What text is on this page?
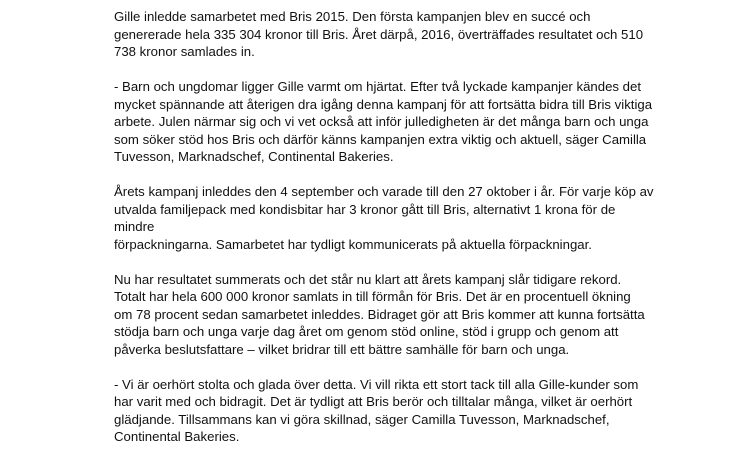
Gille inledde samarbetet med Bris 2015. Den första kampanjen blev en succé och
genererade hela 335 304 kronor till Bris. Året därpå, 2016, överträffades resultatet och 510
738 kronor samlades in.

- Barn och ungdomar ligger Gille varmt om hjärtat. Efter två lyckade kampanjer kändes det
mycket spännande att återigen dra igång denna kampanj för att fortsätta bidra till Bris viktiga
arbete. Julen närmar sig och vi vet också att inför julledigheten är det många barn och unga
som söker stöd hos Bris och därför känns kampanjen extra viktig och aktuell, säger Camilla
Tuvesson, Marknadschef, Continental Bakeries.

Årets kampanj inleddes den 4 september och varade till den 27 oktober i år. För varje köp av
utvalda familjepack med kondisbitar har 3 kronor gått till Bris, alternativt 1 krona för de mindre
förpackningarna. Samarbetet har tydligt kommunicerats på aktuella förpackningar.

Nu har resultatet summerats och det står nu klart att årets kampanj slår tidigare rekord.
Totalt har hela 600 000 kronor samlats in till förmån för Bris. Det är en procentuell ökning
om 78 procent sedan samarbetet inleddes. Bidraget gör att Bris kommer att kunna fortsätta
stödja barn och unga varje dag året om genom stöd online, stöd i grupp och genom att
påverka beslutsfattare – vilket bridrar till ett bättre samhälle för barn och unga.

- Vi är oerhört stolta och glada över detta. Vi vill rikta ett stort tack till alla Gille-kunder som
har varit med och bidragit. Det är tydligt att Bris berör och tilltalar många, vilket är oerhört
glädjande. Tillsammans kan vi göra skillnad, säger Camilla Tuvesson, Marknadschef,
Continental Bakeries.
